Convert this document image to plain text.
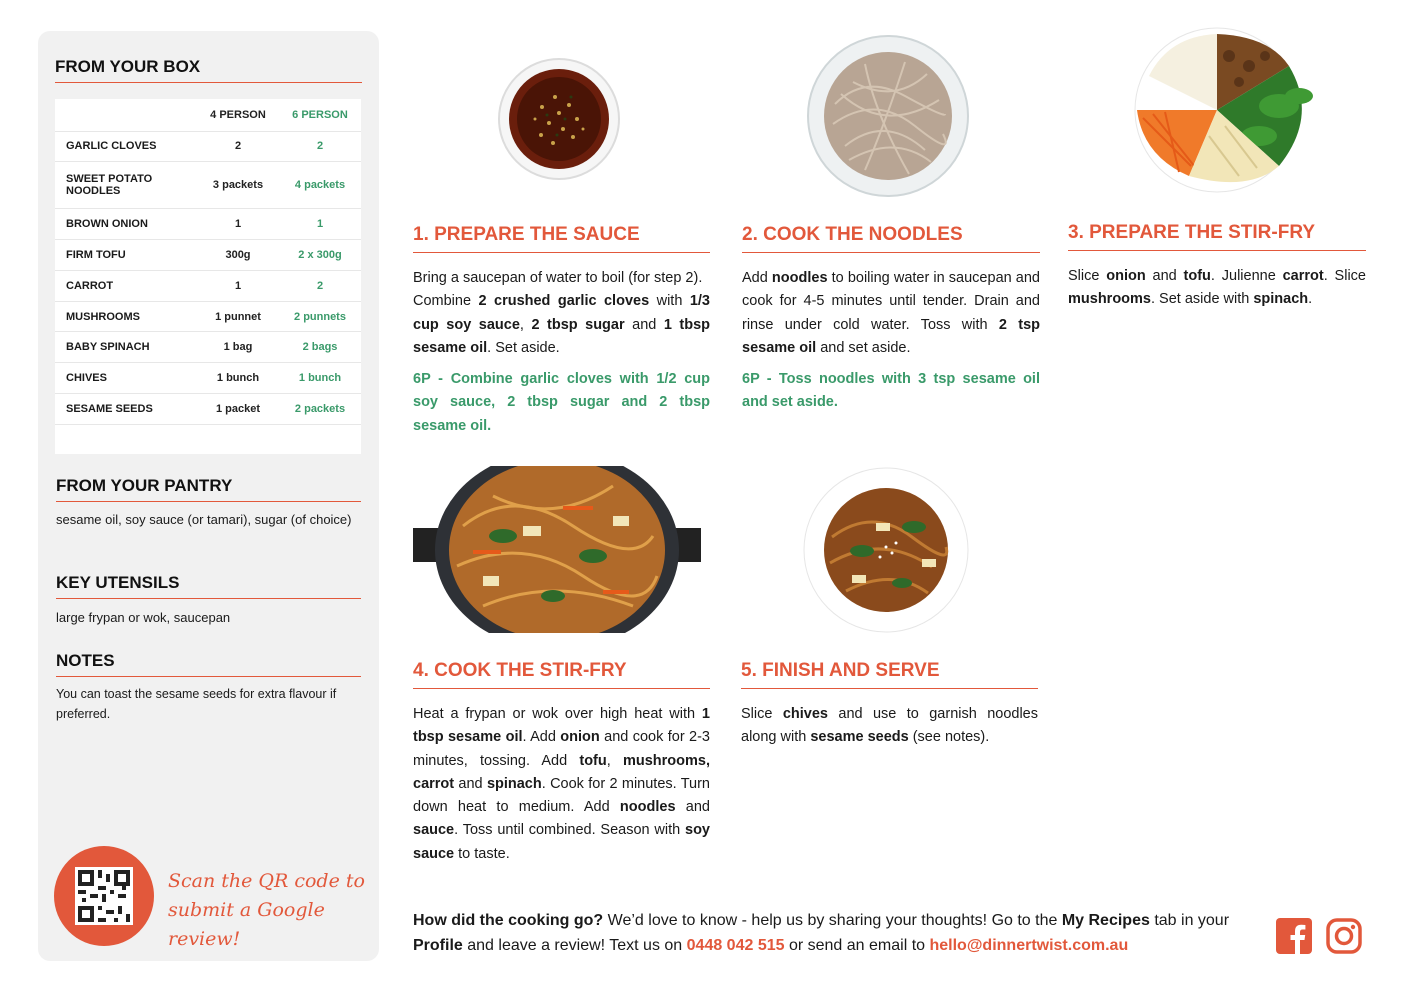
FROM YOUR BOX
	4 PERSON	6 PERSON
GARLIC CLOVES	2	2
SWEET POTATO NOODLES	3 packets	4 packets
BROWN ONION	1	1
FIRM TOFU	300g	2 x 300g
CARROT	1	2
MUSHROOMS	1 punnet	2 punnets
BABY SPINACH	1 bag	2 bags
CHIVES	1 bunch	1 bunch
SESAME SEEDS	1 packet	2 packets

FROM YOUR PANTRY
sesame oil, soy sauce (or tamari), sugar (of choice)
KEY UTENSILS
large frypan or wok, saucepan
NOTES
You can toast the sesame seeds for extra flavour if preferred.
Scan the QR code to
submit a Google review!
1. PREPARE THE SAUCE
Bring a saucepan of water to boil (for step 2).
Combine 2 crushed garlic cloves with 1/3 cup soy sauce, 2 tbsp sugar and 1 tbsp sesame oil. Set aside.
6P - Combine garlic cloves with 1/2 cup soy sauce, 2 tbsp sugar and 2 tbsp sesame oil.
2. COOK THE NOODLES
Add noodles to boiling water in saucepan and cook for 4-5 minutes until tender. Drain and rinse under cold water. Toss with 2 tsp sesame oil and set aside.
6P - Toss noodles with 3 tsp sesame oil and set aside.
3. PREPARE THE STIR-FRY
Slice onion and tofu. Julienne carrot. Slice mushrooms. Set aside with spinach.
4. COOK THE STIR-FRY
Heat a frypan or wok over high heat with 1 tbsp sesame oil. Add onion and cook for 2-3 minutes, tossing. Add tofu, mushrooms, carrot and spinach. Cook for 2 minutes. Turn down heat to medium. Add noodles and sauce. Toss until combined. Season with soy sauce to taste.
5. FINISH AND SERVE
Slice chives and use to garnish noodles along with sesame seeds (see notes).
How did the cooking go? We’d love to know - help us by sharing your thoughts! Go to the My Recipes tab in your Profile and leave a review! Text us on 0448 042 515 or send an email to hello@dinnertwist.com.au
